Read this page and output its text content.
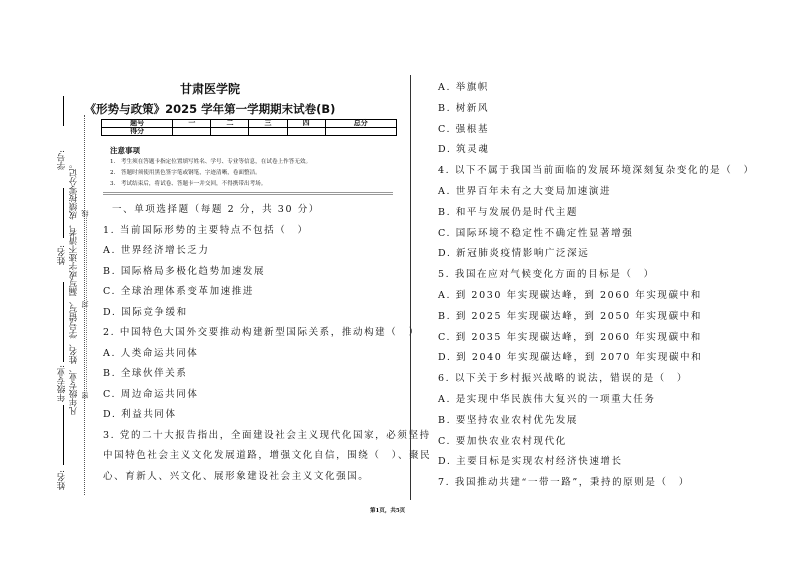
学号:
姓名:
年级专业:
姓名:
凡年级专业、姓名、学号错写、漏写或字迹不清者，成绩按零分记。 密………………………………封………………………………线
甘肃医学院
《形势与政策》2025 学年第一学期期末试卷(B)
题号	一	二	三	四	总分
得分					
注意事项
1.　考生须在答题卡指定位置填写姓名、学号、专业等信息，在试卷上作答无效。
2.　答题时须使用黑色签字笔或钢笔，字迹清晰，卷面整洁。
3.　考试结束后，将试卷、答题卡一并交回，不得携带出考场。
一、单项选择题（每题 2 分，共 30 分）
1. 当前国际形势的主要特点不包括（　）
A. 世界经济增长乏力
B. 国际格局多极化趋势加速发展
C. 全球治理体系变革加速推进
D. 国际竞争缓和
2. 中国特色大国外交要推动构建新型国际关系，推动构建（　）
A. 人类命运共同体
B. 全球伙伴关系
C. 周边命运共同体
D. 利益共同体
3. 党的二十大报告指出，全面建设社会主义现代化国家，必须坚持
中国特色社会主义文化发展道路，增强文化自信，围绕（　）、聚民
心、育新人、兴文化、展形象建设社会主义文化强国。
A. 举旗帜
B. 树新风
C. 强根基
D. 筑灵魂
4. 以下不属于我国当前面临的发展环境深刻复杂变化的是（　）
A. 世界百年未有之大变局加速演进
B. 和平与发展仍是时代主题
C. 国际环境不稳定性不确定性显著增强
D. 新冠肺炎疫情影响广泛深远
5. 我国在应对气候变化方面的目标是（　）
A. 到 2030 年实现碳达峰，到 2060 年实现碳中和
B. 到 2025 年实现碳达峰，到 2050 年实现碳中和
C. 到 2035 年实现碳达峰，到 2060 年实现碳中和
D. 到 2040 年实现碳达峰，到 2070 年实现碳中和
6. 以下关于乡村振兴战略的说法，错误的是（　）
A. 是实现中华民族伟大复兴的一项重大任务
B. 要坚持农业农村优先发展
C. 要加快农业农村现代化
D. 主要目标是实现农村经济快速增长
7. 我国推动共建“一带一路”，秉持的原则是（　）
第1页，共5页
